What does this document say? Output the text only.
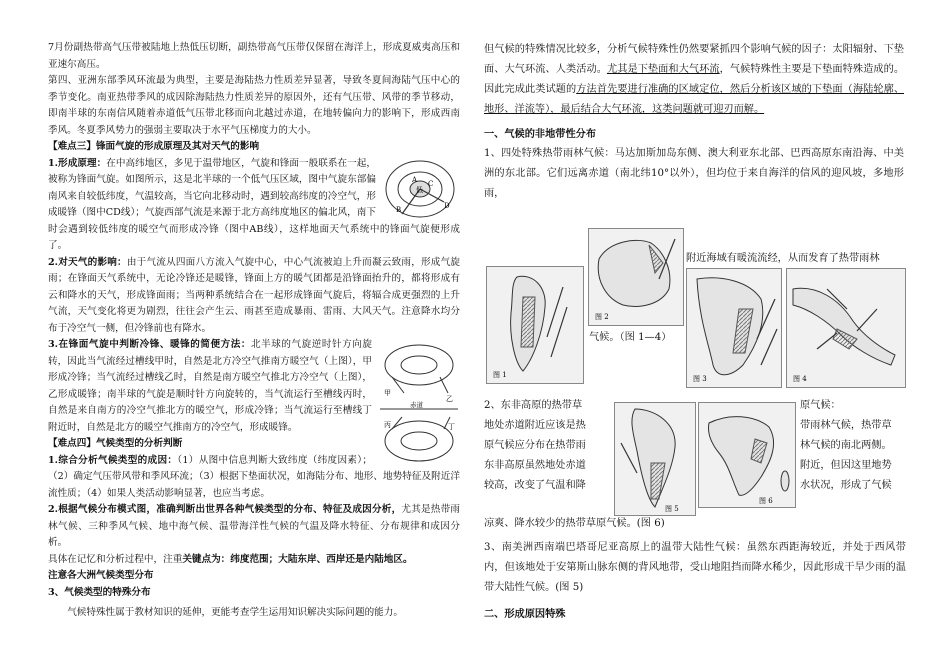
7月份副热带高气压带被陆地上热低压切断，副热带高气压带仅保留在海洋上，形成夏威夷高压和亚速尔高压。

第四、亚洲东部季风环流最为典型，主要是海陆热力性质差异显著，导致冬夏间海陆气压中心的季节变化。南亚热带季风的成因除海陆热力性质差异的原因外，还有气压带、风带的季节移动，即南半球的东南信风随着赤道低气压带北移而向北越过赤道，在地转偏向力的影响下，形成西南季风。冬夏季风势力的强弱主要取决于水平气压梯度力的大小。

【难点三】锋面气旋的形成原理及其对天气的影响

B
A C
D
低

1.形成原理：在中高纬地区，多见于温带地区，气旋和锋面一般联系在一起，被称为锋面气旋。如图所示，这是北半球的一个低气压区域，图中气旋东部偏南风来自较低纬度，气温较高，当它向北移动时，遇到较高纬度的冷空气，形成暖锋（图中CD线）；气旋西部气流是来源于北方高纬度地区的偏北风，南下时会遇到较低纬度的暖空气而形成冷锋（图中AB线），这样地面天气系统中的锋面气旋便形成了。

2.对天气的影响：由于气流从四面八方流入气旋中心，中心气流被迫上升而凝云致雨，形成气旋雨；在锋面天气系统中，无论冷锋还是暖锋，锋面上方的暖气团都是沿锋面抬升的，都将形成有云和降水的天气，形成锋面雨；当两种系统结合在一起形成锋面气旋后，将辐合成更强烈的上升气流，天气变化将更为剧烈，往往会产生云、雨甚至造成暴雨、雷雨、大风天气。注意降水均分布于冷空气一侧，但冷锋前也有降水。

甲
乙
赤道
丙	丁

3.在锋面气旋中判断冷锋、暖锋的简便方法：北半球的气旋逆时针方向旋转，因此当气流经过槽线甲时，自然是北方冷空气推南方暖空气（上图），甲形成冷锋；当气流经过槽线乙时，自然是南方暖空气推北方冷空气（上图），乙形成暖锋；南半球的气旋是顺时针方向旋转的，当气流运行至槽线丙时，自然是来自南方的冷空气推北方的暖空气，形成冷锋；当气流运行至槽线丁附近时，自然是北方的暖空气推南方的冷空气，形成暖锋。

【难点四】气候类型的分析判断

1.综合分析气候类型的成因：（1）从图中信息判断大致纬度（纬度因素）；（2）确定气压带风带和季风环流；（3）根据下垫面状况，如海陆分布、地形、地势特征及附近洋流性质；（4）如果人类活动影响显著，也应当考虑。

2.根据气候分布模式图，准确判断出世界各种气候类型的分布、特征及成因分析，尤其是热带雨林气候、三种季风气候、地中海气候、温带海洋性气候的气温及降水特征、分布规律和成因分析。

具体在记忆和分析过程中，注重关键点为：纬度范围；大陆东岸、西岸还是内陆地区。

注意各大洲气候类型分布

3、气候类型的特殊分布

气候特殊性属于教材知识的延伸，更能考查学生运用知识解决实际问题的能力。

但气候的特殊情况比较多，分析气候特殊性仍然要紧抓四个影响气候的因子：太阳辐射、下垫面、大气环流、人类活动。尤其是下垫面和大气环流，气候特殊性主要是下垫面特殊造成的。因此完成此类试题的方法首先要进行准确的区域定位，然后分析该区域的下垫面（海陆轮廓、地形、洋流等），最后结合大气环流，这类问题就可迎刃而解。

一、气候的非地带性分布

1、四处特殊热带雨林气候：马达加斯加岛东侧、澳大利亚东北部、巴西高原东南沿海、中美洲的东北部。它们远离赤道（南北纬10°以外），但均位于来自海洋的信风的迎风坡，多地形雨，

附近海域有暖流流经，从而发育了热带雨林
气候。（图 1—4）
图 1
图 2
图 3	图 4
2、东非高原的热带草
地处赤道附近应该是热
原气候应分布在热带雨
东非高原虽然地处赤道
较高，改变了气温和降
原气候：
带雨林气候，热带草
林气候的南北两侧。
附近，但因这里地势
水状况，形成了气候
图 5
图 6

凉爽、降水较少的热带草原气候。(图 6)

3、南美洲西南端巴塔哥尼亚高原上的温带大陆性气候：虽然东西距海较近，并处于西风带内，但该地处于安第斯山脉东侧的背风地带，受山地阻挡而降水稀少，因此形成干旱少雨的温带大陆性气候。(图 5)

二、形成原因特殊
